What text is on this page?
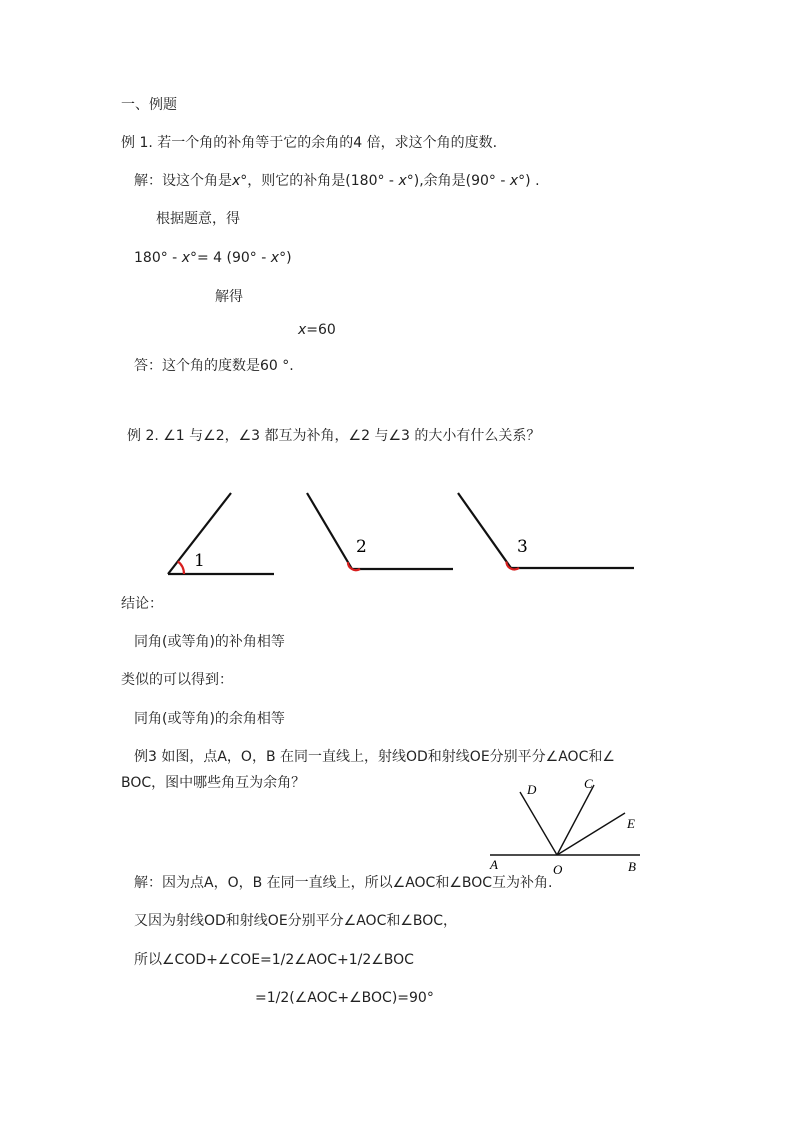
一、例题
例 1. 若一个角的补角等于它的余角的4 倍，求这个角的度数.
解：设这个角是x°，则它的补角是(180° - x°),余角是(90° - x°) .
根据题意，得
180° - x°= 4 (90° - x°)
解得
x=60
答：这个角的度数是60 °.
例 2. ∠1 与∠2，∠3 都互为补角，∠2 与∠3 的大小有什么关系？
1
2	3
结论：
同角(或等角)的补角相等
类似的可以得到：
同角(或等角)的余角相等
例3 如图，点A，O，B 在同一直线上，射线OD和射线OE分别平分∠AOC和∠
BOC，图中哪些角互为余角？	D	C
E
A	O	B
解：因为点A，O，B 在同一直线上，所以∠AOC和∠BOC互为补角.
又因为射线OD和射线OE分别平分∠AOC和∠BOC，
所以∠COD+∠COE=1/2∠AOC+1/2∠BOC
=1/2(∠AOC+∠BOC)=90°
